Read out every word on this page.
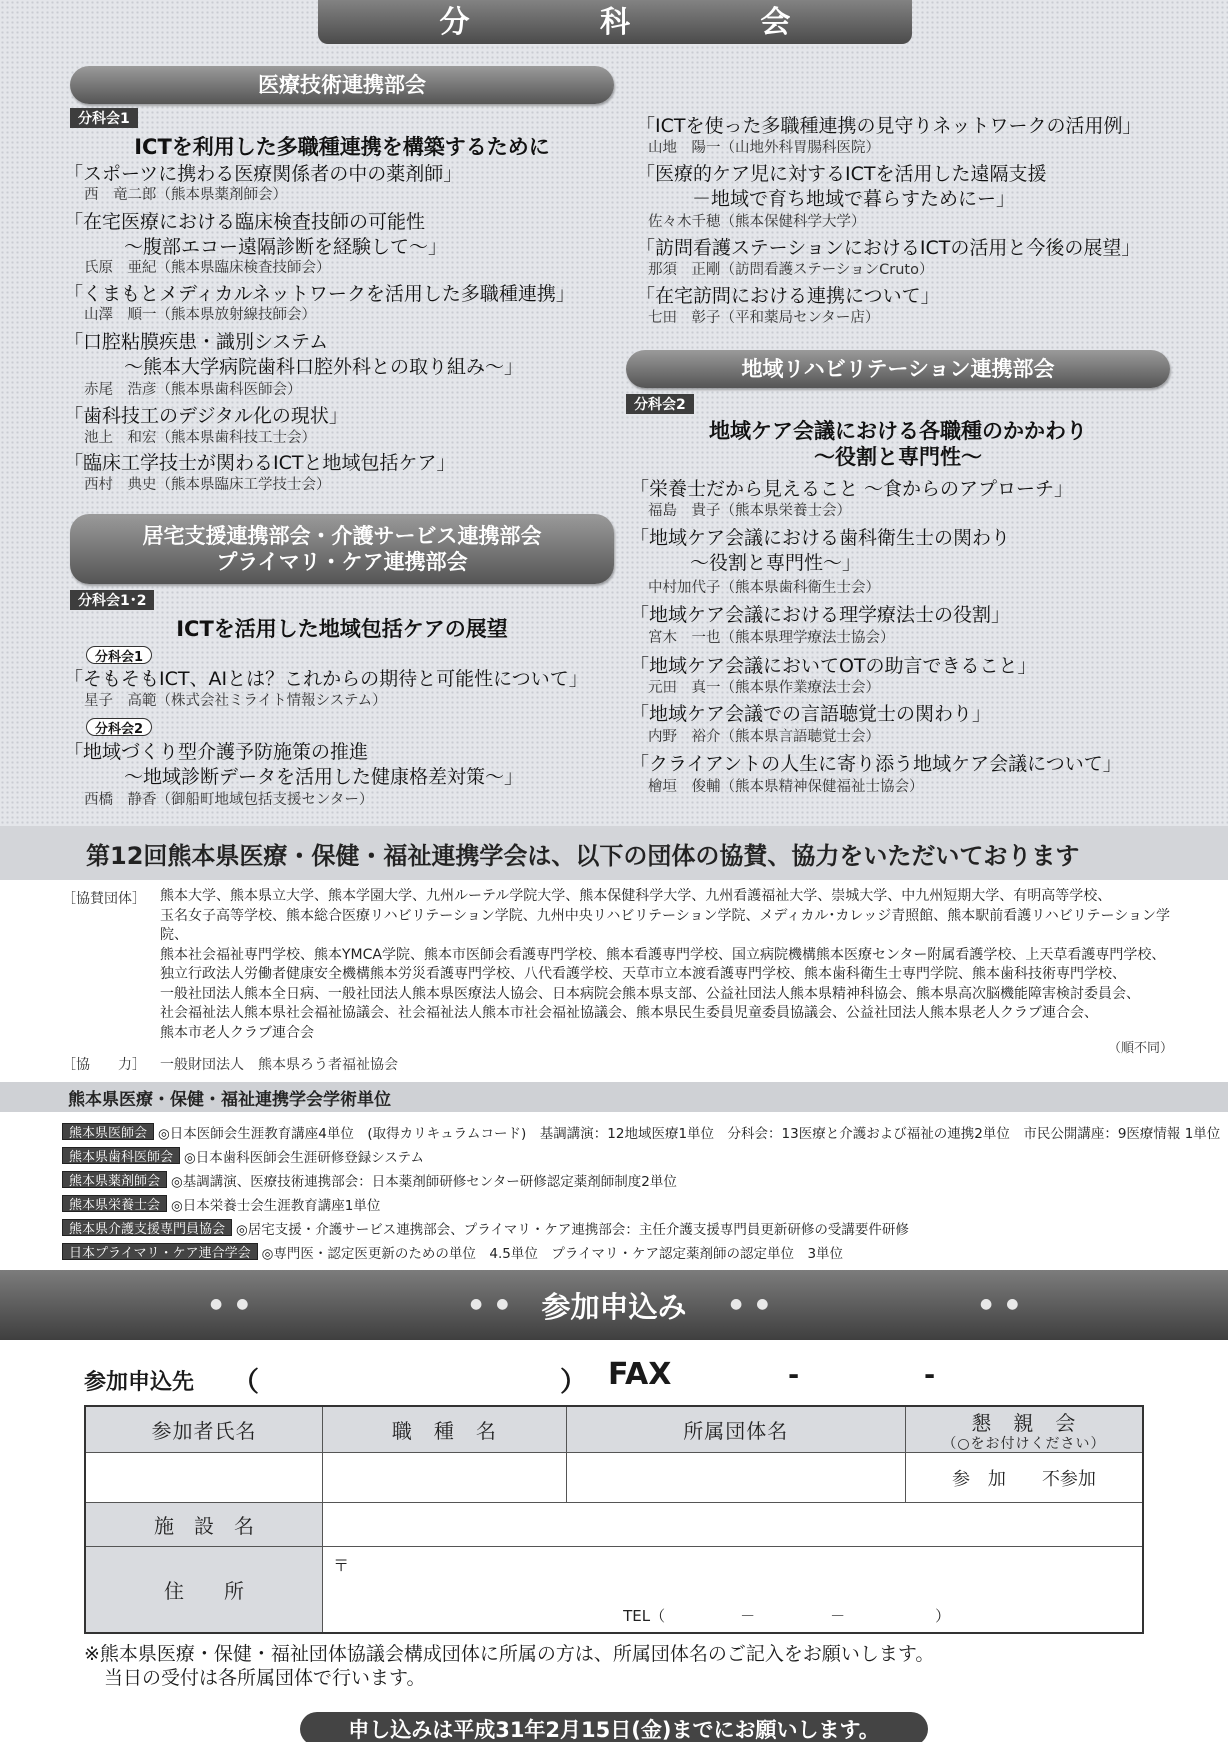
分 科 会
医療技術連携部会
分科会1
ICTを利用した多職種連携を構築するために
「スポーツに携わる医療関係者の中の薬剤師」
西　竜二郎（熊本県薬剤師会）
「在宅医療における臨床検査技師の可能性
～腹部エコー遠隔診断を経験して～」
氏原　亜紀（熊本県臨床検査技師会）
「くまもとメディカルネットワークを活用した多職種連携」
山澤　順一（熊本県放射線技師会）
「口腔粘膜疾患・識別システム
～熊本大学病院歯科口腔外科との取り組み～」
赤尾　浩彦（熊本県歯科医師会）
「歯科技工のデジタル化の現状」
池上　和宏（熊本県歯科技工士会）
「臨床工学技士が関わるICTと地域包括ケア」
西村　典史（熊本県臨床工学技士会）
居宅支援連携部会・介護サービス連携部会
プライマリ・ケア連携部会
分科会1･2
ICTを活用した地域包括ケアの展望
分科会1
「そもそもICT、AIとは？これからの期待と可能性について」
星子　高範（株式会社ミライト情報システム）
分科会2
「地域づくり型介護予防施策の推進
～地域診断データを活用した健康格差対策～」
西橋　静香（御船町地域包括支援センター）
「ICTを使った多職種連携の見守りネットワークの活用例」
山地　陽一（山地外科胃腸科医院）
「医療的ケア児に対するICTを活用した遠隔支援
－地域で育ち地域で暮らすためにー」
佐々木千穂（熊本保健科学大学）
「訪問看護ステーションにおけるICTの活用と今後の展望」
那須　正剛（訪問看護ステーションCruto）
「在宅訪問における連携について」
七田　彰子（平和薬局センター店）
地域リハビリテーション連携部会
分科会2
地域ケア会議における各職種のかかわり
～役割と専門性～
「栄養士だから見えること ～食からのアプローチ」
福島　貴子（熊本県栄養士会）
「地域ケア会議における歯科衛生士の関わり
～役割と専門性～」
中村加代子（熊本県歯科衛生士会）
「地域ケア会議における理学療法士の役割」
宮木　一也（熊本県理学療法士協会）
「地域ケア会議においてOTの助言できること」
元田　真一（熊本県作業療法士会）
「地域ケア会議での言語聴覚士の関わり」
内野　裕介（熊本県言語聴覚士会）
「クライアントの人生に寄り添う地域ケア会議について」
檜垣　俊輔（熊本県精神保健福祉士協会）
第12回熊本県医療・保健・福祉連携学会は、以下の団体の協賛、協力をいただいております
［協賛団体］ 熊本大学、熊本県立大学、熊本学園大学、九州ルーテル学院大学、熊本保健科学大学、九州看護福祉大学、崇城大学、中九州短期大学、有明高等学校、
玉名女子高等学校、熊本総合医療リハビリテーション学院、九州中央リハビリテーション学院、メディカル･カレッジ青照館、熊本駅前看護リハビリテーション学院、
熊本社会福祉専門学校、熊本YMCA学院、熊本市医師会看護専門学校、熊本看護専門学校、国立病院機構熊本医療センター附属看護学校、上天草看護専門学校、
独立行政法人労働者健康安全機構熊本労災看護専門学校、八代看護学校、天草市立本渡看護専門学校、熊本歯科衛生士専門学院、熊本歯科技術専門学校、
一般社団法人熊本全日病、一般社団法人熊本県医療法人協会、日本病院会熊本県支部、公益社団法人熊本県精神科協会、熊本県高次脳機能障害検討委員会、
社会福祉法人熊本県社会福祉協議会、社会福祉法人熊本市社会福祉協議会、熊本県民生委員児童委員協議会、公益社団法人熊本県老人クラブ連合会、
熊本市老人クラブ連合会
（順不同）
［協　　力］ 一般財団法人　熊本県ろう者福祉協会
熊本県医療・保健・福祉連携学会学術単位
熊本県医師会 ◎日本医師会生涯教育講座4単位　(取得カリキュラムコード)　基調講演：12地域医療1単位　分科会：13医療と介護および福祉の連携2単位　市民公開講座：9医療情報 1単位
熊本県歯科医師会 ◎日本歯科医師会生涯研修登録システム
熊本県薬剤師会 ◎基調講演、医療技術連携部会：日本薬剤師研修センター研修認定薬剤師制度2単位
熊本県栄養士会 ◎日本栄養士会生涯教育講座1単位
熊本県介護支援専門員協会 ◎居宅支援・介護サービス連携部会、プライマリ・ケア連携部会：主任介護支援専門員更新研修の受講要件研修
日本プライマリ・ケア連合学会 ◎専門医・認定医更新のための単位　4.5単位　プライマリ・ケア認定薬剤師の認定単位　3単位
参加申込み
●●	●●	●●	●●
参加申込先 （	） FAX	-	-
参加者氏名	職　種　名	所属団体名	懇　親　会
（○をお付けください）

			参　加　　 不参加
施　設　名			
住　　所	〒
TEL（　　　　　－　　　　　－　　　　　　）		
※熊本県医療・保健・福祉団体協議会構成団体に所属の方は、所属団体名のご記入をお願いします。
当日の受付は各所属団体で行います。
申し込みは平成31年2月15日(金)までにお願いします。
